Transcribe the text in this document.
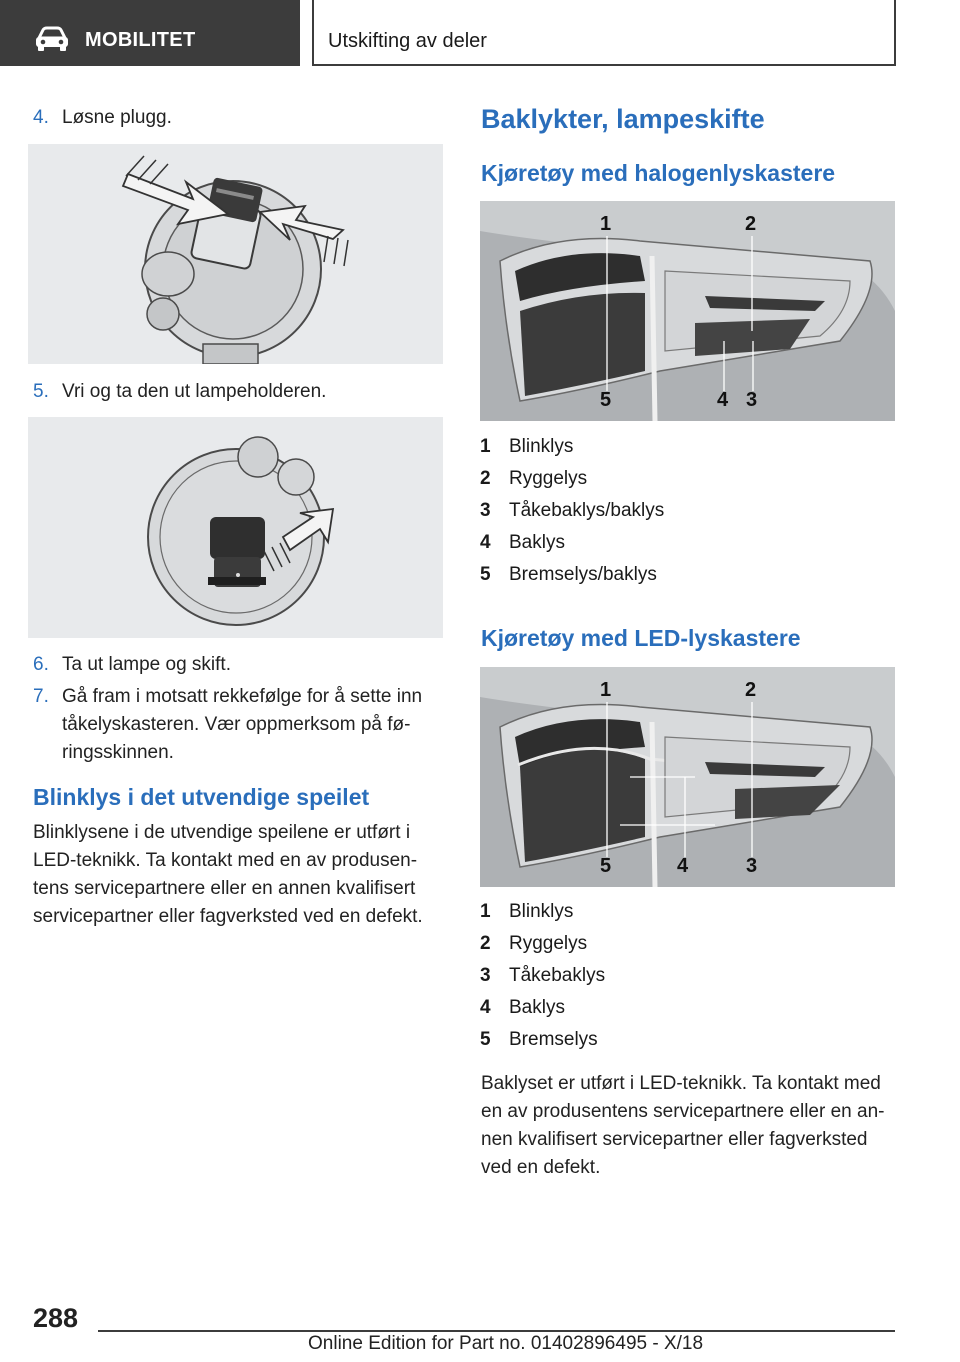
MOBILITET	Utskifting av deler
4. Løsne plugg.
5. Vri og ta den ut lampeholderen.
6. Ta ut lampe og skift.
7. Gå fram i motsatt rekkefølge for å sette inn
tåkelyskasteren. Vær oppmerksom på fø-
ringsskinnen.
Blinklys i det utvendige speilet
Blinklysene i de utvendige speilene er utført i
LED-teknikk. Ta kontakt med en av produsen-
tens servicepartnere eller en annen kvalifisert
servicepartner eller fagverksted ved en defekt.
Baklykter, lampeskifte
Kjøretøy med halogenlyskastere
1	2
5	4 3
1 Blinklys
2 Ryggelys
3 Tåkebaklys/baklys
4 Baklys
5 Bremselys/baklys
Kjøretøy med LED-lyskastere
1	2
5	4	3
1 Blinklys
2 Ryggelys
3 Tåkebaklys
4 Baklys
5 Bremselys
Baklyset er utført i LED-teknikk. Ta kontakt med
en av produsentens servicepartnere eller en an-
nen kvalifisert servicepartner eller fagverksted
ved en defekt.
288
Online Edition for Part no. 01402896495 - X/18
